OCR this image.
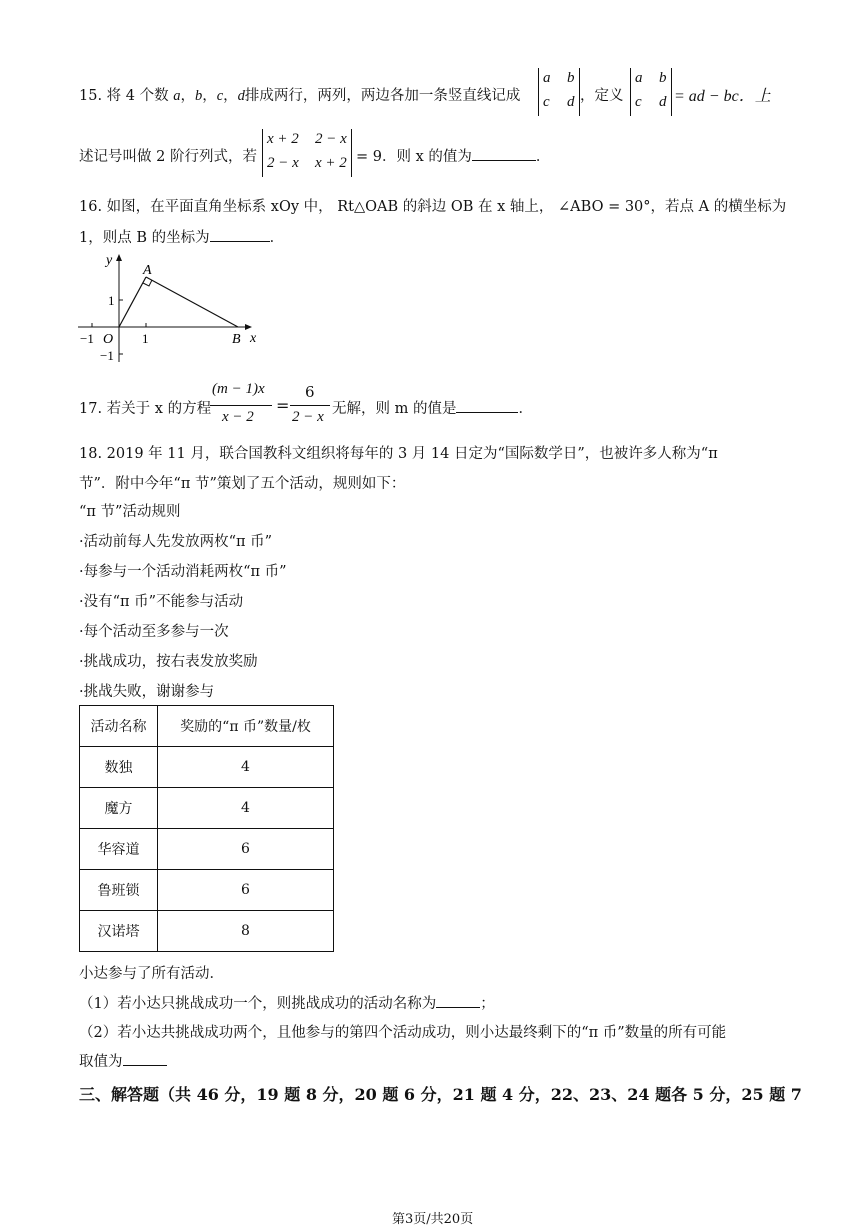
15. 将 4 个数 a，b，c，d排成两行，两列，两边各加一条竖直线记成
a b
c d ，定义
a b
c d = ad − bc．上
述记号叫做 2 阶行列式，若
x + 2 2 − x
2 − x x + 2 = 9．则 x 的值为	．
16. 如图，在平面直角坐标系 xOy 中， Rt△OAB 的斜边 OB 在 x 轴上， ∠ABO = 30°，若点 A 的横坐标为
1，则点 B 的坐标为	．
y
x
A
B
O
1
−1
1
−1
17. 若关于 x 的方程
(m − 1)x
x − 2
=
6
2 − x 无解，则 m 的值是	．
18. 2019 年 11 月，联合国教科文组织将每年的 3 月 14 日定为“国际数学日”，也被许多人称为“π
节”．附中今年“π 节”策划了五个活动，规则如下：
“π 节”活动规则
·活动前每人先发放两枚“π 币”
·每参与一个活动消耗两枚“π 币”
·没有“π 币”不能参与活动
·每个活动至多参与一次
·挑战成功，按右表发放奖励
·挑战失败，谢谢参与
活动名称	奖励的“π 币”数量/枚
数独	4
魔方	4
华容道	6
鲁班锁	6
汉诺塔	8
小达参与了所有活动．
（1）若小达只挑战成功一个，则挑战成功的活动名称为	；
（2）若小达共挑战成功两个，且他参与的第四个活动成功，则小达最终剩下的“π 币”数量的所有可能
取值为
三、解答题（共 46 分，19 题 8 分，20 题 6 分，21 题 4 分，22、23、24 题各 5 分，25 题 7
第3页/共20页
